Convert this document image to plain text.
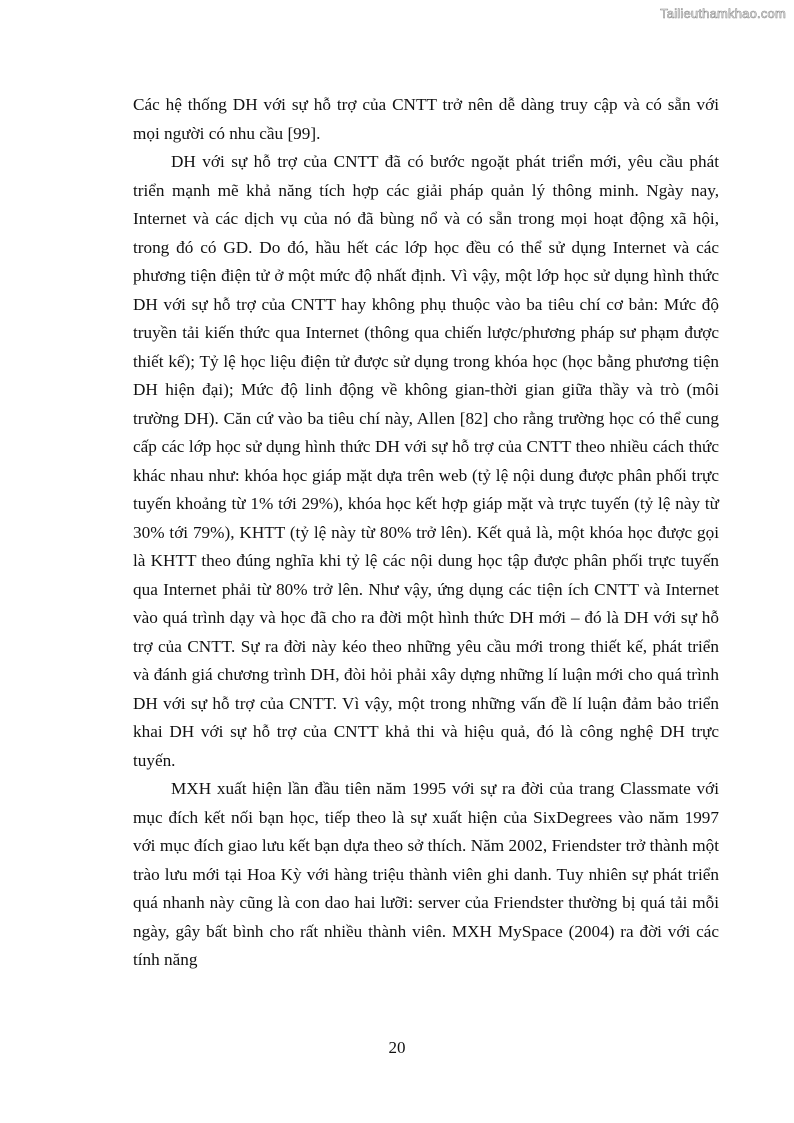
Tailieuthamkhao.com

Các hệ thống DH với sự hỗ trợ của CNTT trở nên dễ dàng truy cập và có sẵn với mọi người có nhu cầu [99].

DH với sự hỗ trợ của CNTT đã có bước ngoặt phát triển mới, yêu cầu phát triển mạnh mẽ khả năng tích hợp các giải pháp quản lý thông minh. Ngày nay, Internet và các dịch vụ của nó đã bùng nổ và có sẵn trong mọi hoạt động xã hội, trong đó có GD. Do đó, hầu hết các lớp học đều có thể sử dụng Internet và các phương tiện điện tử ở một mức độ nhất định. Vì vậy, một lớp học sử dụng hình thức DH với sự hỗ trợ của CNTT hay không phụ thuộc vào ba tiêu chí cơ bản: Mức độ truyền tải kiến thức qua Internet (thông qua chiến lược/phương pháp sư phạm được thiết kế); Tỷ lệ học liệu điện tử được sử dụng trong khóa học (học bằng phương tiện DH hiện đại); Mức độ linh động về không gian-thời gian giữa thầy và trò (môi trường DH). Căn cứ vào ba tiêu chí này, Allen [82] cho rằng trường học có thể cung cấp các lớp học sử dụng hình thức DH với sự hỗ trợ của CNTT theo nhiều cách thức khác nhau như: khóa học giáp mặt dựa trên web (tỷ lệ nội dung được phân phối trực tuyến khoảng từ 1% tới 29%), khóa học kết hợp giáp mặt và trực tuyến (tỷ lệ này từ 30% tới 79%), KHTT (tỷ lệ này từ 80% trở lên). Kết quả là, một khóa học được gọi là KHTT theo đúng nghĩa khi tỷ lệ các nội dung học tập được phân phối trực tuyến qua Internet phải từ 80% trở lên. Như vậy, ứng dụng các tiện ích CNTT và Internet vào quá trình dạy và học đã cho ra đời một hình thức DH mới – đó là DH với sự hỗ trợ của CNTT. Sự ra đời này kéo theo những yêu cầu mới trong thiết kế, phát triển và đánh giá chương trình DH, đòi hỏi phải xây dựng những lí luận mới cho quá trình DH với sự hỗ trợ của CNTT. Vì vậy, một trong những vấn đề lí luận đảm bảo triển khai DH với sự hỗ trợ của CNTT khả thi và hiệu quả, đó là công nghệ DH trực tuyến.

MXH xuất hiện lần đầu tiên năm 1995 với sự ra đời của trang Classmate với mục đích kết nối bạn học, tiếp theo là sự xuất hiện của SixDegrees vào năm 1997 với mục đích giao lưu kết bạn dựa theo sở thích. Năm 2002, Friendster trở thành một trào lưu mới tại Hoa Kỳ với hàng triệu thành viên ghi danh. Tuy nhiên sự phát triển quá nhanh này cũng là con dao hai lưỡi: server của Friendster thường bị quá tải mỗi ngày, gây bất bình cho rất nhiều thành viên. MXH MySpace (2004) ra đời với các tính năng

20
